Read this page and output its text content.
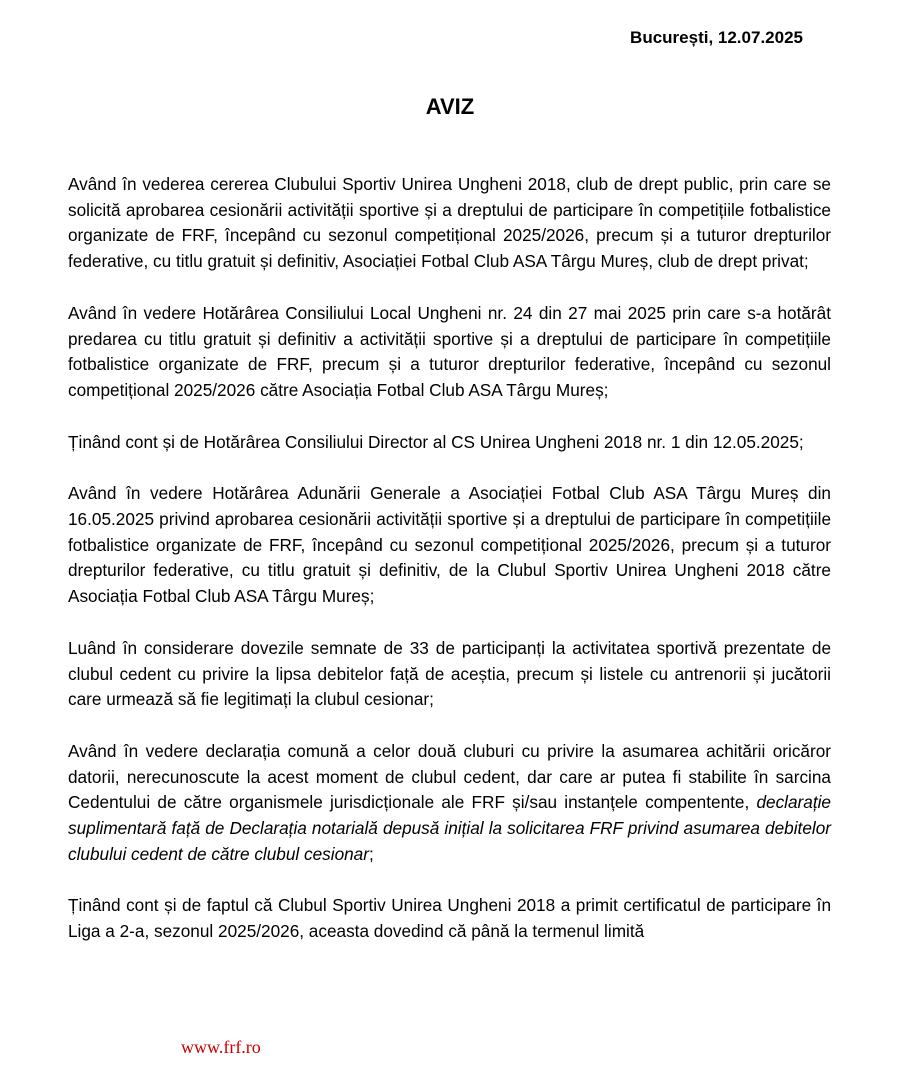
București, 12.07.2025
AVIZ

Având în vederea cererea Clubului Sportiv Unirea Ungheni 2018, club de drept public, prin care se solicită aprobarea cesionării activității sportive și a dreptului de participare în competițiile fotbalistice organizate de FRF, începând cu sezonul competițional 2025/2026, precum și a tuturor drepturilor federative, cu titlu gratuit și definitiv, Asociației Fotbal Club ASA Târgu Mureș, club de drept privat;

Având în vedere Hotărârea Consiliului Local Ungheni nr. 24 din 27 mai 2025 prin care s-a hotărât predarea cu titlu gratuit și definitiv a activității sportive și a dreptului de participare în competițiile fotbalistice organizate de FRF, precum și a tuturor drepturilor federative, începând cu sezonul competițional 2025/2026 către Asociația Fotbal Club ASA Târgu Mureș;

Ținând cont și de Hotărârea Consiliului Director al CS Unirea Ungheni 2018 nr. 1 din 12.05.2025;

Având în vedere Hotărârea Adunării Generale a Asociației Fotbal Club ASA Târgu Mureș din 16.05.2025 privind aprobarea cesionării activității sportive și a dreptului de participare în competițiile fotbalistice organizate de FRF, începând cu sezonul competițional 2025/2026, precum și a tuturor drepturilor federative, cu titlu gratuit și definitiv, de la Clubul Sportiv Unirea Ungheni 2018 către Asociația Fotbal Club ASA Târgu Mureș;

Luând în considerare dovezile semnate de 33 de participanți la activitatea sportivă prezentate de clubul cedent cu privire la lipsa debitelor față de aceștia, precum și listele cu antrenorii și jucătorii care urmează să fie legitimați la clubul cesionar;

Având în vedere declarația comună a celor două cluburi cu privire la asumarea achitării oricăror datorii, nerecunoscute la acest moment de clubul cedent, dar care ar putea fi stabilite în sarcina Cedentului de către organismele jurisdicționale ale FRF și/sau instanțele compentente, declarație suplimentară față de Declarația notarială depusă inițial la solicitarea FRF privind asumarea debitelor clubului cedent de către clubul cesionar;

Ținând cont și de faptul că Clubul Sportiv Unirea Ungheni 2018 a primit certificatul de participare în Liga a 2-a, sezonul 2025/2026, aceasta dovedind că până la termenul limită

www.frf.ro
